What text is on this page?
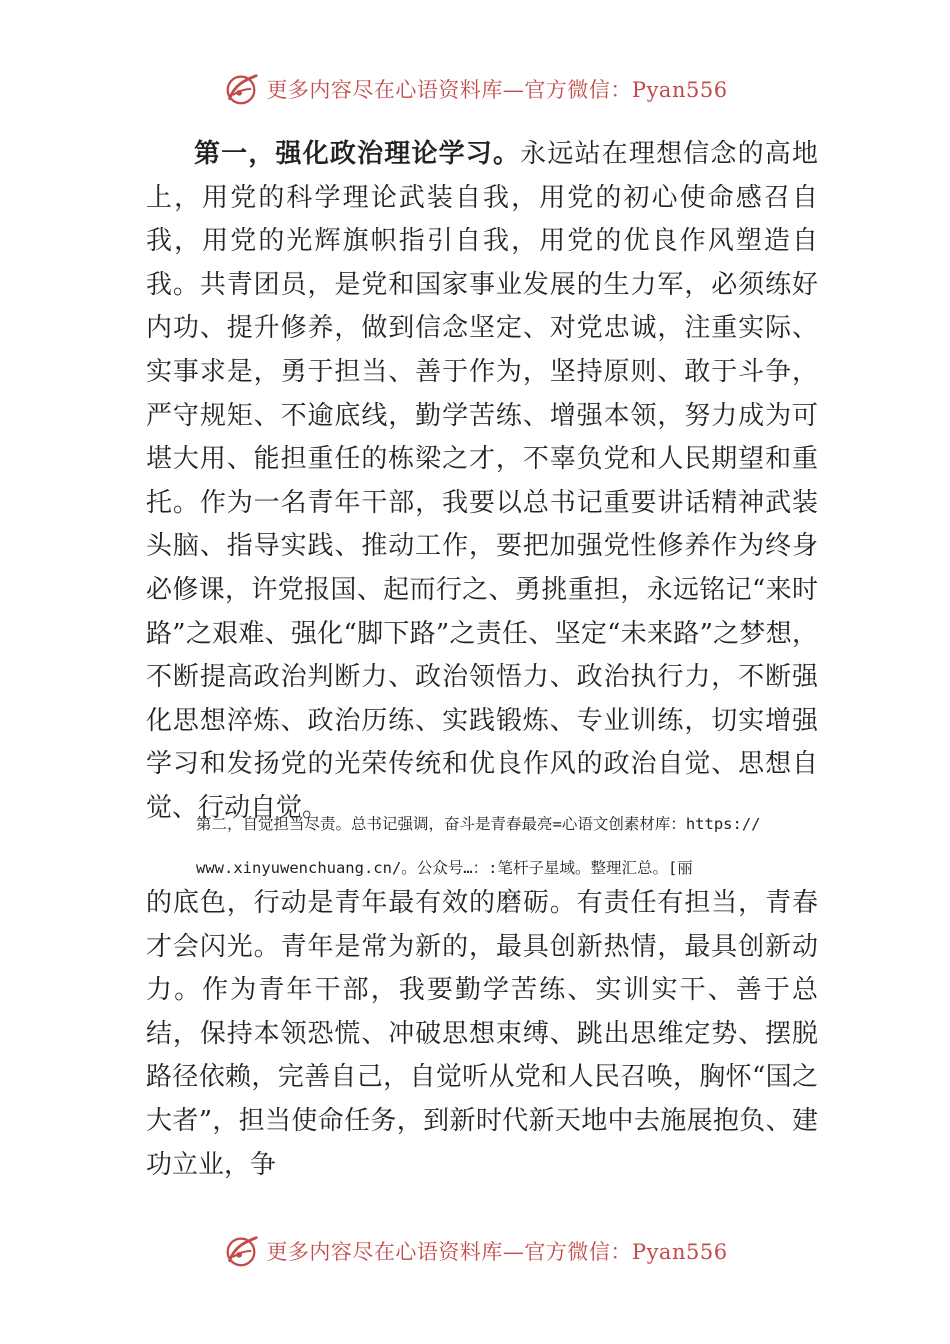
更多内容尽在心语资料库—官方微信：Pyan556

第一，强化政治理论学习。永远站在理想信念的高地上，用党的科学理论武装自我，用党的初心使命感召自我，用党的光辉旗帜指引自我，用党的优良作风塑造自我。共青团员，是党和国家事业发展的生力军，必须练好内功、提升修养，做到信念坚定、对党忠诚，注重实际、实事求是，勇于担当、善于作为，坚持原则、敢于斗争，严守规矩、不逾底线，勤学苦练、增强本领，努力成为可堪大用、能担重任的栋梁之才，不辜负党和人民期望和重托。作为一名青年干部，我要以总书记重要讲话精神武装头脑、指导实践、推动工作，要把加强党性修养作为终身必修课，许党报国、起而行之、勇挑重担，永远铭记“来时路”之艰难、强化“脚下路”之责任、坚定“未来路”之梦想，不断提高政治判断力、政治领悟力、政治执行力，不断强化思想淬炼、政治历练、实践锻炼、专业训练，切实增强学习和发扬党的光荣传统和优良作风的政治自觉、思想自觉、行动自觉。

第二，自觉担当尽责。总书记强调，奋斗是青春最亮=心语文创素材库：https://

www.xinyuwenchuang.cn/。公众号…：:笔杆子星域。整理汇总。[丽

的底色，行动是青年最有效的磨砺。有责任有担当，青春才会闪光。青年是常为新的，最具创新热情，最具创新动力。作为青年干部，我要勤学苦练、实训实干、善于总结，保持本领恐慌、冲破思想束缚、跳出思维定势、摆脱路径依赖，完善自己，自觉听从党和人民召唤，胸怀“国之大者”，担当使命任务，到新时代新天地中去施展抱负、建功立业，争

更多内容尽在心语资料库—官方微信：Pyan556
